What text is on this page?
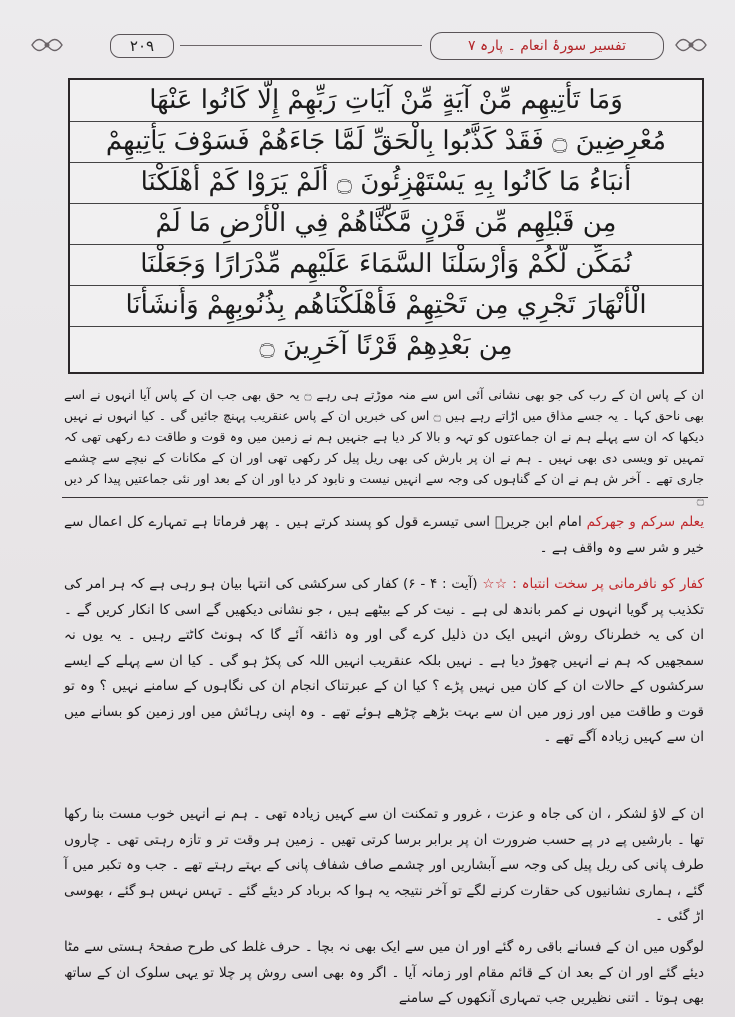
۲۰۹	تفسیر سورۂ انعام ۔ پارہ ۷
وَمَا تَأْتِيهِم مِّنْ آيَةٍ مِّنْ آيَاتِ رَبِّهِمْ إِلَّا كَانُوا عَنْهَا
مُعْرِضِينَ ۝ فَقَدْ كَذَّبُوا بِالْحَقِّ لَمَّا جَاءَهُمْ فَسَوْفَ يَأْتِيهِمْ
أَنبَاءُ مَا كَانُوا بِهِ يَسْتَهْزِئُونَ ۝ أَلَمْ يَرَوْا كَمْ أَهْلَكْنَا
مِن قَبْلِهِم مِّن قَرْنٍ مَّكَّنَّاهُمْ فِي الْأَرْضِ مَا لَمْ
نُمَكِّن لَّكُمْ وَأَرْسَلْنَا السَّمَاءَ عَلَيْهِم مِّدْرَارًا وَجَعَلْنَا
الْأَنْهَارَ تَجْرِي مِن تَحْتِهِمْ فَأَهْلَكْنَاهُم بِذُنُوبِهِمْ وَأَنشَأْنَا
مِن بَعْدِهِمْ قَرْنًا آخَرِينَ ۝
ان کے پاس ان کے رب کی جو بھی نشانی آئی اس سے منہ موڑتے ہی رہے ۝ یہ حق بھی جب ان کے پاس آیا انہوں نے اسے بھی ناحق کہا ۔ یہ جسے مذاق میں اڑاتے رہے ہیں ۝ اس کی خبریں ان کے پاس عنقریب پہنچ جائیں گی ۔ کیا انہوں نے نہیں دیکھا کہ ان سے پہلے ہم نے ان جماعتوں کو تہہ و بالا کر دیا ہے جنہیں ہم نے زمین میں وہ قوت و طاقت دے رکھی تھی کہ تمہیں تو ویسی دی بھی نہیں ۔ ہم نے ان پر بارش کی بھی ریل پیل کر رکھی تھی اور ان کے مکانات کے نیچے سے چشمے جاری تھے ۔ آخر ش ہم نے ان کے گناہوں کی وجہ سے انہیں نیست و نابود کر دیا اور ان کے بعد اور نئی جماعتیں پیدا کر دیں ۝
یعلم سرکم و جھرکم امام ابن جریرؒ اسی تیسرے قول کو پسند کرتے ہیں ۔ پھر فرماتا ہے تمہارے کل اعمال سے خیر و شر سے وہ واقف ہے ۔
کفار کو نافرمانی پر سخت انتباہ : ☆☆ (آیت : ۴ - ۶) کفار کی سرکشی کی انتہا بیان ہو رہی ہے کہ ہر امر کی تکذیب پر گویا انہوں نے کمر باندھ لی ہے ۔ نیت کر کے بیٹھے ہیں ، جو نشانی دیکھیں گے اسی کا انکار کریں گے ۔ ان کی یہ خطرناک روش انہیں ایک دن ذلیل کرے گی اور وہ ذائقہ آئے گا کہ ہونٹ کاٹتے رہیں ۔ یہ یوں نہ سمجھیں کہ ہم نے انہیں چھوڑ دیا ہے ۔ نہیں بلکہ عنقریب انہیں اللہ کی پکڑ ہو گی ۔ کیا ان سے پہلے کے ایسے سرکشوں کے حالات ان کے کان میں نہیں پڑے ؟ کیا ان کے عبرتناک انجام ان کی نگاہوں کے سامنے نہیں ؟ وہ تو قوت و طاقت میں اور زور میں ان سے بہت بڑھے چڑھے ہوئے تھے ۔ وہ اپنی رہائش میں اور زمین کو بسانے میں ان سے کہیں زیادہ آگے تھے ۔
ان کے لاؤ لشکر ، ان کی جاہ و عزت ، غرور و تمکنت ان سے کہیں زیادہ تھی ۔ ہم نے انہیں خوب مست بنا رکھا تھا ۔ بارشیں پے در پے حسب ضرورت ان پر برابر برسا کرتی تھیں ۔ زمین ہر وقت تر و تازہ رہتی تھی ۔ چاروں طرف پانی کی ریل پیل کی وجہ سے آبشاریں اور چشمے صاف شفاف پانی کے بہتے رہتے تھے ۔ جب وہ تکبر میں آ گئے ، ہماری نشانیوں کی حقارت کرنے لگے تو آخر نتیجہ یہ ہوا کہ برباد کر دیئے گئے ۔ تہس نہس ہو گئے ، بھوسی اڑ گئی ۔
لوگوں میں ان کے فسانے باقی رہ گئے اور ان میں سے ایک بھی نہ بچا ۔ حرف غلط کی طرح صفحۂ ہستی سے مٹا دیئے گئے اور ان کے بعد ان کے قائم مقام اور زمانہ آیا ۔ اگر وہ بھی اسی روش پر چلا تو یہی سلوک ان کے ساتھ بھی ہوتا ۔ اتنی نظیریں جب تمہاری آنکھوں کے سامنے
